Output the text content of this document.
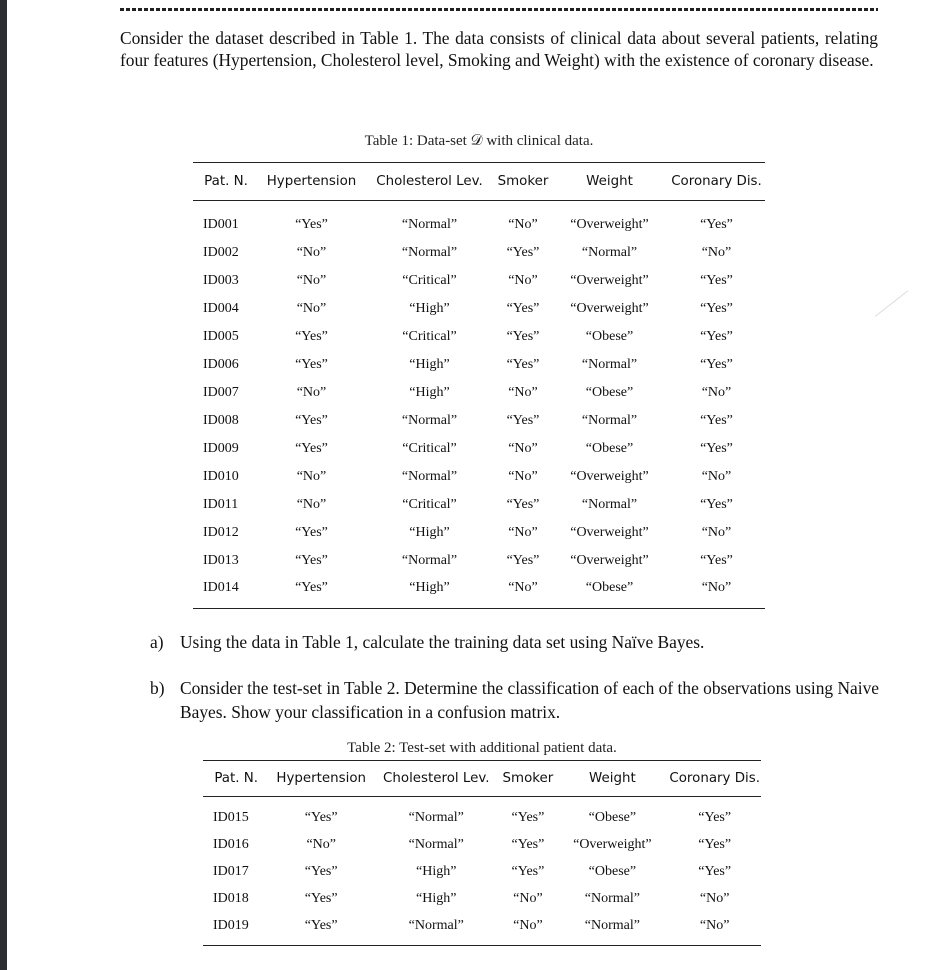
Consider the dataset described in Table 1. The data consists of clinical data about several patients, relating four features (Hypertension, Cholesterol level, Smoking and Weight) with the existence of coronary disease.

Table 1: Data-set 𝒟 with clinical data.
Pat. N.	Hypertension	Cholesterol Lev.	Smoker	Weight	Coronary Dis.
ID001	“Yes”	“Normal”	“No”	“Overweight”	“Yes”
ID002	“No”	“Normal”	“Yes”	“Normal”	“No”
ID003	“No”	“Critical”	“No”	“Overweight”	“Yes”
ID004	“No”	“High”	“Yes”	“Overweight”	“Yes”
ID005	“Yes”	“Critical”	“Yes”	“Obese”	“Yes”
ID006	“Yes”	“High”	“Yes”	“Normal”	“Yes”
ID007	“No”	“High”	“No”	“Obese”	“No”
ID008	“Yes”	“Normal”	“Yes”	“Normal”	“Yes”
ID009	“Yes”	“Critical”	“No”	“Obese”	“Yes”
ID010	“No”	“Normal”	“No”	“Overweight”	“No”
ID011	“No”	“Critical”	“Yes”	“Normal”	“Yes”
ID012	“Yes”	“High”	“No”	“Overweight”	“No”
ID013	“Yes”	“Normal”	“Yes”	“Overweight”	“Yes”
ID014	“Yes”	“High”	“No”	“Obese”	“No”
a) Using the data in Table 1, calculate the training data set using Naïve Bayes.
b) Consider the test-set in Table 2. Determine the classification of each of the observations using Naive Bayes. Show your classification in a confusion matrix.
Table 2: Test-set with additional patient data.
Pat. N.	Hypertension	Cholesterol Lev.	Smoker	Weight	Coronary Dis.
ID015	“Yes”	“Normal”	“Yes”	“Obese”	“Yes”
ID016	“No”	“Normal”	“Yes”	“Overweight”	“Yes”
ID017	“Yes”	“High”	“Yes”	“Obese”	“Yes”
ID018	“Yes”	“High”	“No”	“Normal”	“No”
ID019	“Yes”	“Normal”	“No”	“Normal”	“No”
